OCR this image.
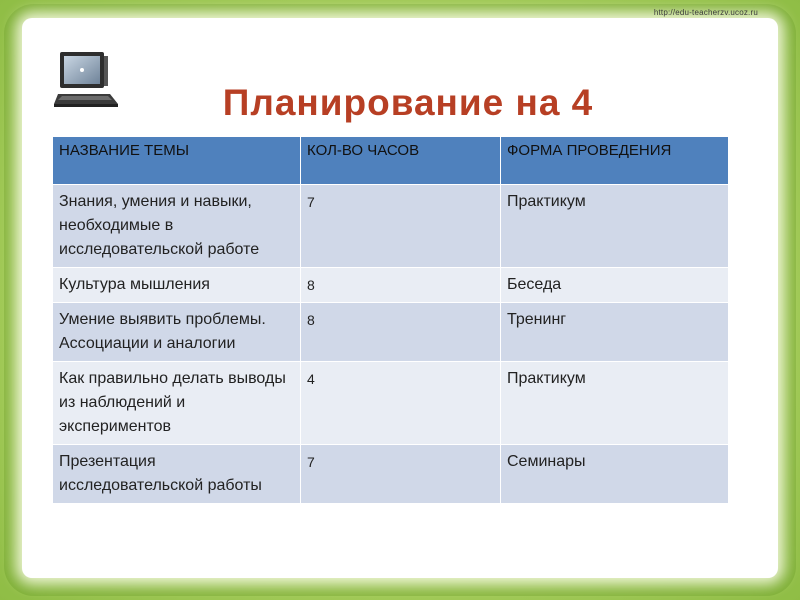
http://edu-teacherzv.ucoz.ru
Планирование на 4
НАЗВАНИЕ ТЕМЫ	КОЛ-ВО ЧАСОВ	ФОРМА ПРОВЕДЕНИЯ
Знания, умения и навыки, необходимые в исследовательской работе	7	Практикум
Культура мышления	8	Беседа
Умение выявить проблемы. Ассоциации и аналогии	8	Тренинг
Как правильно делать выводы из наблюдений и экспериментов	4	Практикум
Презентация исследовательской работы	7	Семинары
